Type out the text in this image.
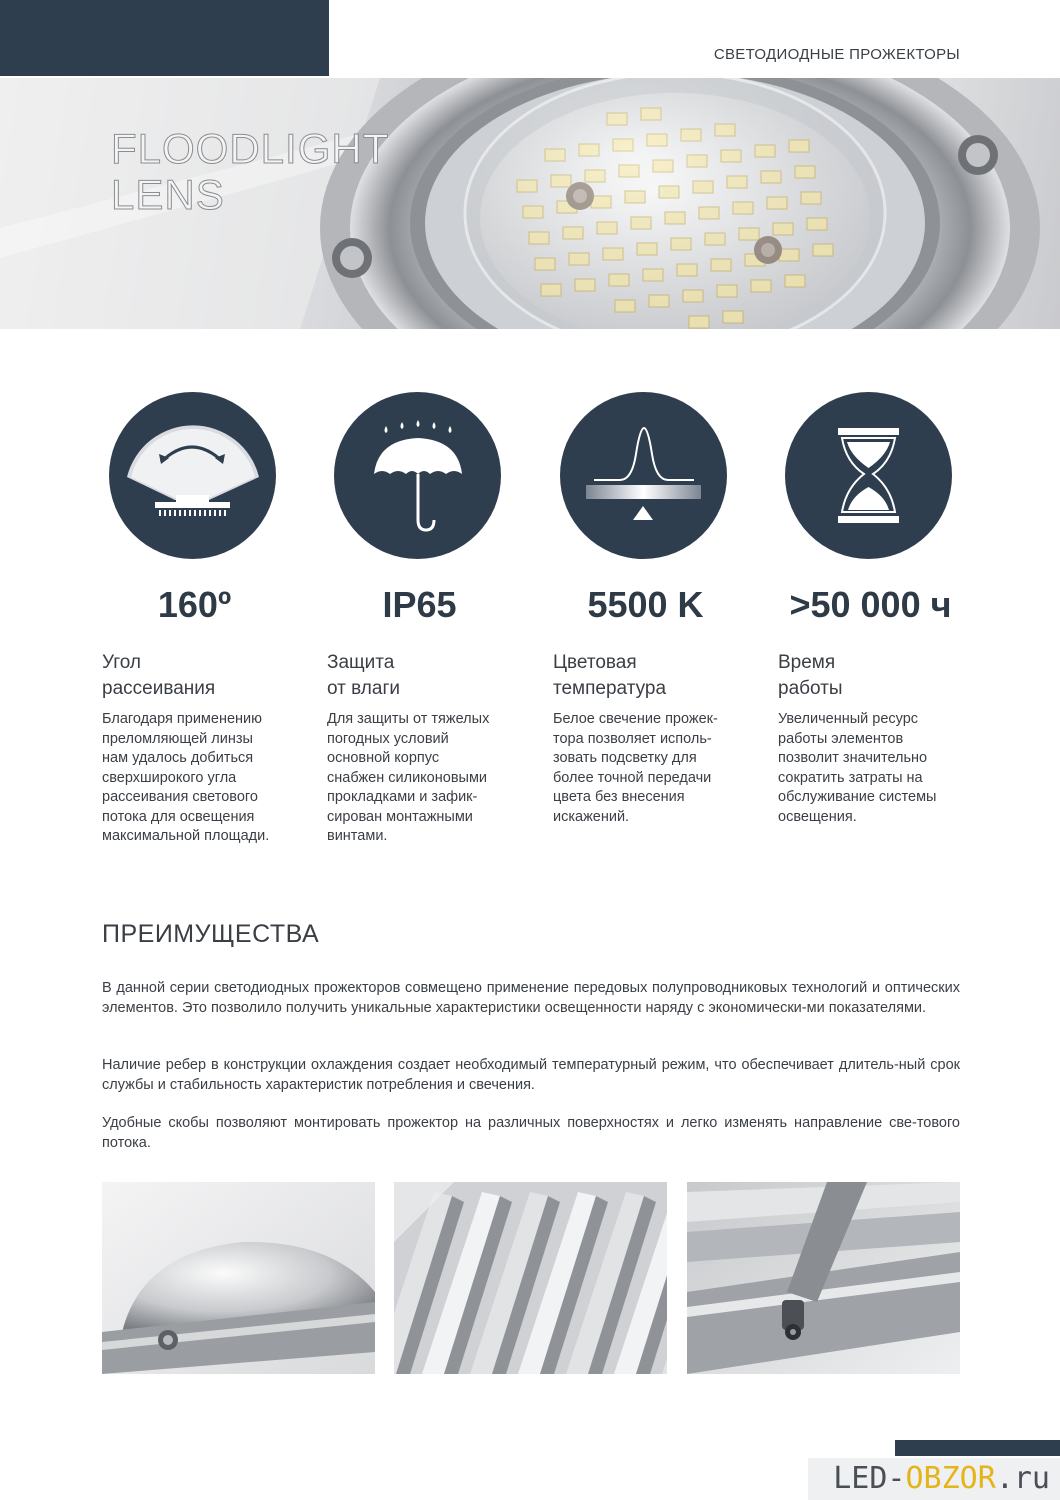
СВЕТОДИОДНЫЕ ПРОЖЕКТОРЫ
FLOODLIGHT
LENS
160º
Угол
рассеивания
Благодаря применению
преломляющей линзы
нам удалось добиться
сверхширокого угла
рассеивания светового
потока для освещения
максимальной площади.
IP65
Защита
от влаги
Для защиты от тяжелых
погодных условий
основной корпус
снабжен силиконовыми
прокладками и зафик-
сирован монтажными
винтами.
5500 K
Цветовая
температура
Белое свечение прожек-
тора позволяет исполь-
зовать подсветку для
более точной передачи
цвета без внесения
искажений.
>50 000 ч
Время
работы
Увеличенный ресурс
работы элементов
позволит значительно
сократить затраты на
обслуживание системы
освещения.
ПРЕИМУЩЕСТВА
В данной серии светодиодных прожекторов совмещено применение передовых полупроводниковых технологий и оптических элементов. Это позволило получить уникальные характеристики освещенности наряду с экономически-ми показателями.
Наличие ребер в конструкции охлаждения создает необходимый температурный режим, что обеспечивает длитель-ный срок службы и стабильность характеристик потребления и свечения.
Удобные скобы позволяют монтировать прожектор на различных поверхностях и легко изменять направление све-тового потока.
LED-OBZOR.ru
